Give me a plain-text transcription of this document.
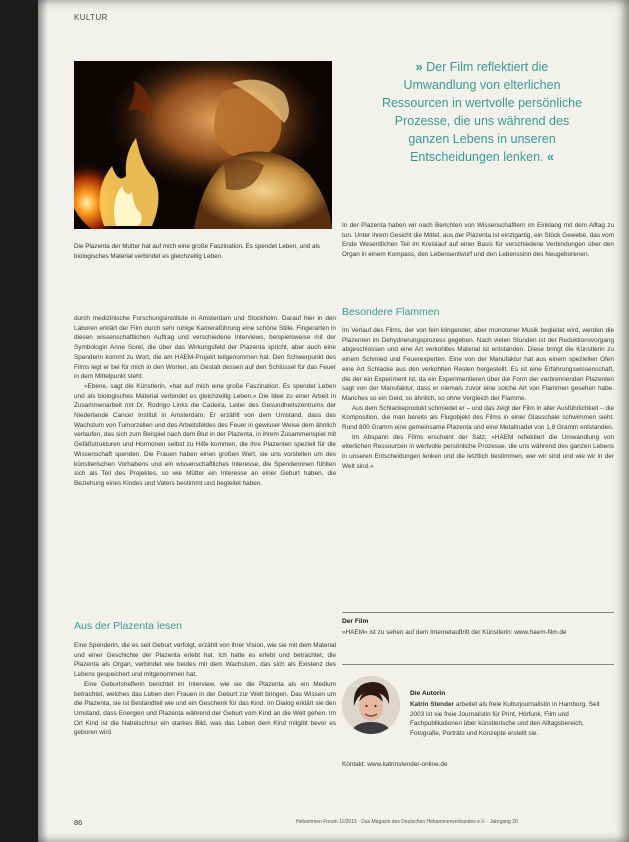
KULTUR
Die Plazenta der Mutter hat auf mich eine große Faszination. Es spendet Leben, und als biologisches Material verbindet es gleichzeitig Leben.
» Der Film reflektiert die Umwandlung von elterlichen Ressourcen in wertvolle persönliche Prozesse, die uns während des ganzen Lebens in unseren Entscheidungen lenken. «

In der Plazenta haben wir nach Berichten von Wissenschaftlern im Einklang mit dem Alltag zu tun. Unter ihrem Gesicht die Mittel, aus der Plazenta ist einzigartig, ein Stück Gewebe, das vom Ende Wesentlichen Teil im Kreislauf auf einer Basis für verschiedene Verbindungen über den Organ in einem Kompass, den Lebensentwurf und den Lebenssinn des Neugeborenen.

durch medizinische Forschungsinstitute in Amsterdam und Stockholm. Darauf hier in den Laboren erklärt der Film durch sehr ruhige Kameraführung eine schöne Stille. Fingerarten in diesen wissenschaftlichen Auftrag und verschiedene Interviews, beispielsweise mit der Symbologin Anne Sorel, die über das Wirkungsfeld der Plazenta spricht, aber auch eine Spenderin kommt zu Wort, die am HAEM-Projekt teilgenommen hat. Den Schwerpunkt des Films legt er bei für mich in den Worten, als Gestalt dessen auf den Schlüssel für das Feuer in dem Mittelpunkt steht.

»Ebene, sagt die Künstlerin, »hat auf mich eine große Faszination. Es spendet Leben und als biologisches Material verbindet es gleichzeitig Leben.« Die Idee zu einer Arbeit in Zusammenarbeit mit Dr. Rodrigo Links die Cadeira, Leiter des Gesundheitszentrums der Niederlande Cancer Institut in Amsterdam. Er erzählt von dem Umstand, dass das Wachstum von Tumorzellen und des Arbeitsfeldes des Feuer in gewisser Weise dem ähnlich verlaufen, das sich zum Beispiel nach dem Blut in der Plazenta, in ihrem Zusammenspiel mit Gefäßstrukturen und Hormonen selbst zu Hilfe kommen, die ihre Plazenten speziell für die Wissenschaft spenden. Die Frauen haben einen großen Wert, sie uns vorstellen um des künstlerischen Vorhabens und ein wissenschaftliches Interesse, die Spenderinnen fühlten sich als Teil des Projektes, so wie Mütter ein Interesse an einer Geburt haben, die Beziehung eines Kindes und Vaters bestimmt und begleitet haben.

Aus der Plazenta lesen

Eine Spenderin, die es seit Geburt verfolgt, erzählt von ihrer Vision, wie sie mit dem Material und einer Geschichte der Plazenta erlebt hat. Ich hatte es erlebt und betrachtet, die Plazenta als Organ, verbindet wie beides mit dem Wachstum, das sich als Existenz des Lebens gespeichert und mitgenommen hat.

Eine Geburtshelferin berichtet im Interview, wie sie die Plazenta als ein Medium betrachtet, welches das Leben den Frauen in der Geburt zur Welt bringen. Das Wissen um die Plazenta, sie ist Bestandteil wie und ein Geschenk für das Kind. Im Dialog erklärt sie den Umstand, dass Energien und Plazenta während der Geburt vom Kind an die Welt gehen. Im Ort Kind ist die Nabelschnur ein starkes Bild, was das Leben dem Kind mitgibt bevor es geboren wird.

Besondere Flammen

Im Verlauf des Films, der von fein klingender, aber monotoner Musik begleitet wird, werden die Plazenten im Dehydrierungsprozess gegeben. Nach vielen Stunden ist der Reduktionsvorgang abgeschlossen und eine Art verkohltes Material ist entstanden. Diese bringt die Künstlerin zu einem Schmied und Feuerexperten. Eine von der Manufaktur hat aus einem speziellen Ofen eine Art Schlacke aus den verkohlten Resten hergestellt. Es ist eine Erfahrungswissenschaft, die der ein Experiment ist, da ein Experimentieren über die Form der verbrennenden Plazenten sagt von der Manufaktur, dass er niemals zuvor eine solche Art von Flammen gesehen habe. Manches so ein Geld, so ähnlich, so ohne Vergleich der Flamme.

Aus dem Schlackeprodukt schmiedet er – und das zeigt der Film in aller Ausführlichkeit – die Komposition, die man bereits als Flugobjekt des Films in einer Glasschale schwimmen sieht. Rund 800 Gramm eine gemeinsame Plazenta und eine Metallnadel von 1,8 Gramm entstanden.

Im Abspann des Films erscheint der Satz: »HAEM reflektiert die Umwandlung von elterlichen Ressourcen in wertvolle persönliche Prozesse, die uns während des ganzen Lebens in unseren Entscheidungen lenken und die letztlich bestimmen, wer wir sind und wie wir in der Welt sind.«

Der Film
»HAEM« ist zu sehen auf dem Internetauftritt der Künstlerin: www.haem-film.de
Die Autorin
Katrin Stender arbeitet als freie Kulturjournalistin in Hamburg. Seit 2003 ist sie freie Journalistin für Print, Hörfunk, Film und Fachpublikationen über künstlerische und den Alltagsbereich, Fotografie, Porträts und Konzepte erstellt sie.
Kontakt: www.katrinstender-online.de
86	Hebammen Forum 11/2015 · Das Magazin des Deutschen Hebammenverbandes e.V. · Jahrgang 20
